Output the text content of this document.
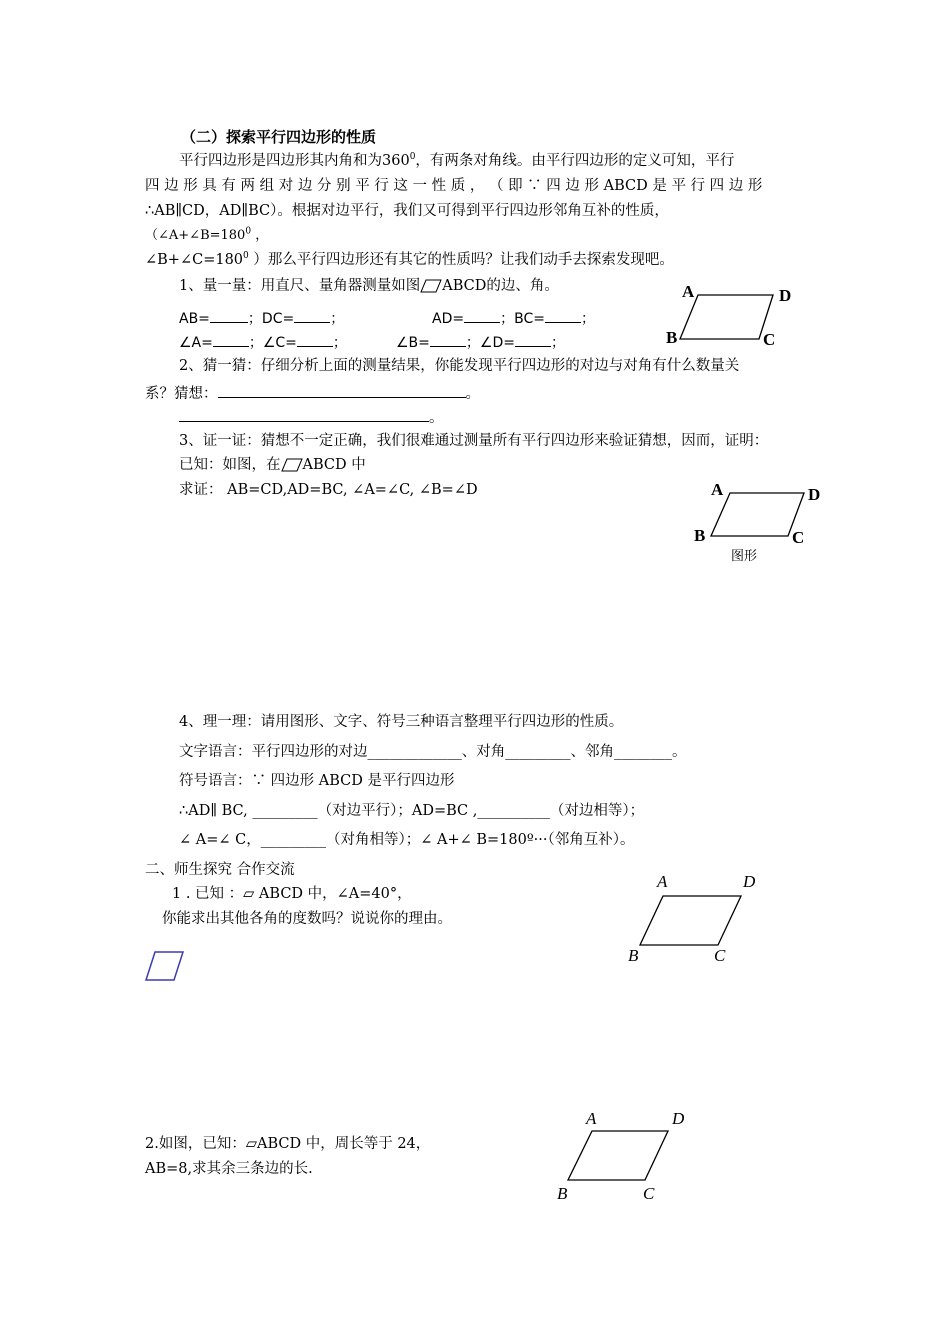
（二）探索平行四边形的性质
平行四边形是四边形其内角和为$360^0$，有两条对角线。由平行四边形的定义可知，平行
四 边 形 具 有 两 组 对 边 分 别 平 行 这 一 性 质 ， （ 即 ∵ 四 边 形 ABCD 是 平 行 四 边 形
∴AB∥CD，AD∥BC）。根据对边平行，我们又可得到平行四边形邻角互补的性质，
（$\angle A+\angle B=180^0$ ，
$\angle B+\angle C=180^0$ ）那么平行四边形还有其它的性质吗？让我们动手去探索发现吧。
1、量一量：用直尺、量角器测量如图 ABCD的边、角。
AB=	；DC=	；	AD=	；BC=	；
∠A=	；∠C=	；	∠B=	；∠D=	；
A	D
B	C
2、猜一猜：仔细分析上面的测量结果，你能发现平行四边形的对边与对角有什么数量关
系？猜想：	。
。
3、证一证：猜想不一定正确，我们很难通过测量所有平行四边形来验证猜想，因而，证明：
已知：如图，在 ABCD 中
求证： AB=CD,AD=BC, ∠A=∠C, ∠B=∠D	A	D
B	C
图形
4、理一理：请用图形、文字、符号三种语言整理平行四边形的性质。
文字语言：平行四边形的对边_____________、对角_________、邻角________。
符号语言：∵ 四边形 ABCD 是平行四边形
∴AD∥ BC, _________（对边平行）；AD=BC ,__________（对边相等）；
∠ A=∠ C，_________（对角相等）；∠ A+∠ B=180º···（邻角互补）。
二、师生探究 合作交流
1 . 已知 ：▱ ABCD 中，∠A=40°，
你能求出其他各角的度数吗？说说你的理由。
A	D
B	C
2.如图，已知：▱ABCD 中，周长等于 24，
AB=8,求其余三条边的长.
A	D
B	C
